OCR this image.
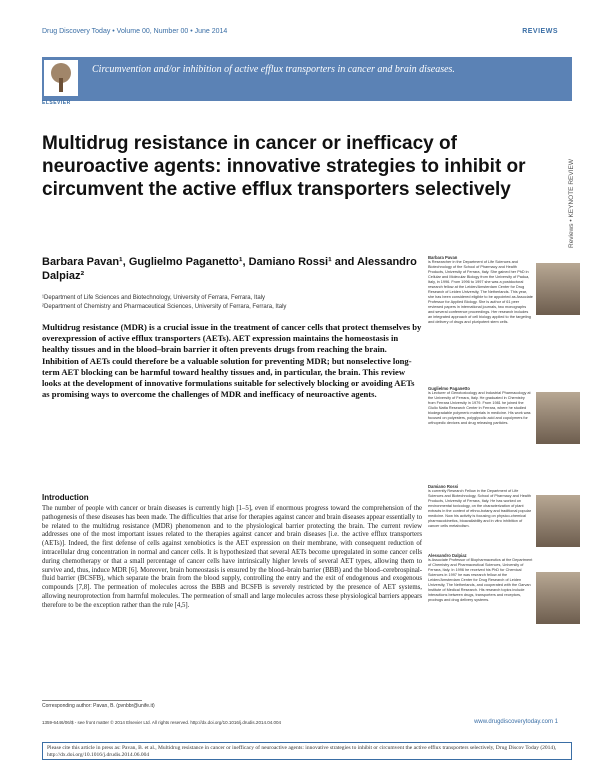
Drug Discovery Today • Volume 00, Number 00 • June 2014	REVIEWS
Circumvention and/or inhibition of active efflux transporters in cancer and brain diseases.
ELSEVIER
Multidrug resistance in cancer or inefficacy of neuroactive agents: innovative strategies to inhibit or circumvent the active efflux transporters selectively	Reviews • KEYNOTE REVIEW
Barbara Pavan¹, Guglielmo Paganetto¹, Damiano Rossi¹ and Alessandro Dalpiaz²
¹Department of Life Sciences and Biotechnology, University of Ferrara, Ferrara, Italy
²Department of Chemistry and Pharmaceutical Sciences, University of Ferrara, Ferrara, Italy

Multidrug resistance (MDR) is a crucial issue in the treatment of cancer cells that protect themselves by overexpression of active efflux transporters (AETs). AET expression maintains the homeostasis in healthy tissues and in the blood–brain barrier it often prevents drugs from reaching the brain. Inhibition of AETs could therefore be a valuable solution for preventing MDR; but nonselective long-term AET blocking can be harmful toward healthy tissues and, in particular, the brain. This review looks at the development of innovative formulations suitable for selectively blocking or avoiding AETs as promising ways to overcome the challenges of MDR and inefficacy of neuroactive agents.

Introduction

The number of people with cancer or brain diseases is currently high [1–5], even if enormous progress toward the comprehension of the pathogenesis of these diseases has been made. The difficulties that arise for therapies against cancer and brain diseases appear essentially to be related to the multidrug resistance (MDR) phenomenon and to the physiological barrier protecting the brain. The current review addresses one of the most important issues related to the therapies against cancer and brain diseases [i.e. the active efflux transporters (AETs)]. Indeed, the first defense of cells against xenobiotics is the AET expression on their membrane, with consequent reduction of intracellular drug concentration in normal and cancer cells. It is hypothesized that several AETs become upregulated in some cancer cells during chemotherapy or that a small percentage of cancer cells have intrinsically higher levels of several AET types, allowing them to survive and, thus, induce MDR [6]. Moreover, brain homeostasis is ensured by the blood–brain barrier (BBB) and the blood–cerebrospinal-fluid barrier (BCSFB), which separate the brain from the blood supply, controlling the entry and the exit of endogenous and exogenous compounds [7,8]. The permeation of molecules across the BBB and BCSFB is severely restricted by the presence of AET systems, allowing neuroprotection from harmful molecules. The permeation of small and large molecules across these physiological barriers appears therefore to be the exception rather than the rule [4,5].

Barbara Pavan
is Researcher in the Department of Life Sciences and Biotechnology of the School of Pharmacy and Health Products, University of Ferrara, Italy. She gained her PhD in Cellular and Molecular Biology from the University of Padua, Italy, in 1996. From 1996 to 1997 she was a postdoctoral research fellow at the Leiden/Amsterdam Center for Drug Research of Leiden University, The Netherlands. This year, she has been considered eligible to be appointed as Associate Professor for Applied Biology. She is author of 61 peer reviewed papers in international journals, two monographs and several conference proceedings. Her research includes an integrated approach of cell biology applied to the targeting and delivery of drugs and pluripotent stem cells.
Guglielmo Paganetto
is Lecturer of Genotoxicology and Industrial Pharmacology at the University of Ferrara, Italy. He graduated in Chemistry from Ferrara University in 1979. From 1981 he joined the Giulio Natta Research Center in Ferrara, where he studied biodegradable polymeric materials in medicine. His work was focused on polyesters, polyglycolic acid and copolymers for orthopedic devices and drug releasing particles.
Damiano Rossi
is currently Research Fellow in the Department of Life Sciences and Biotechnology, School of Pharmacy and Health Products, University of Ferrara, Italy. He has worked on environmental toxicology, on the characterization of plant extracts in the context of ethno-botany and traditional popular medicine. Now his activity is focusing on physico-chemical pharmacokinetics, bioavailability and in vitro inhibition of cancer cells metabolism.
Alessandro Dalpiaz
is Associate Professor of Biopharmaceutics at the Department of Chemistry and Pharmaceutical Sciences, University of Ferrara, Italy. In 1996 he received his PhD for Chemical Sciences in 1997 he was research fellow at the Leiden/Amsterdam Center for Drug Research of Leiden University, The Netherlands, and cooperated with the Garvan Institute of Medical Research. His research topics include interactions between drugs, transporters and receptors, prodrugs and drug delivery systems.
Corresponding author: Pavan, B. (pvnbbr@unife.it)
1359-6446/06/$ - see front matter © 2014 Elsevier Ltd. All rights reserved. http://dx.doi.org/10.1016/j.drudis.2014.04.004	www.drugdiscoverytoday.com 1
Please cite this article in press as: Pavan, B. et al., Multidrug resistance in cancer or inefficacy of neuroactive agents: innovative strategies to inhibit or circumvent the active efflux transporters selectively, Drug Discov Today (2014), http://dx.doi.org/10.1016/j.drudis.2014.06.004
